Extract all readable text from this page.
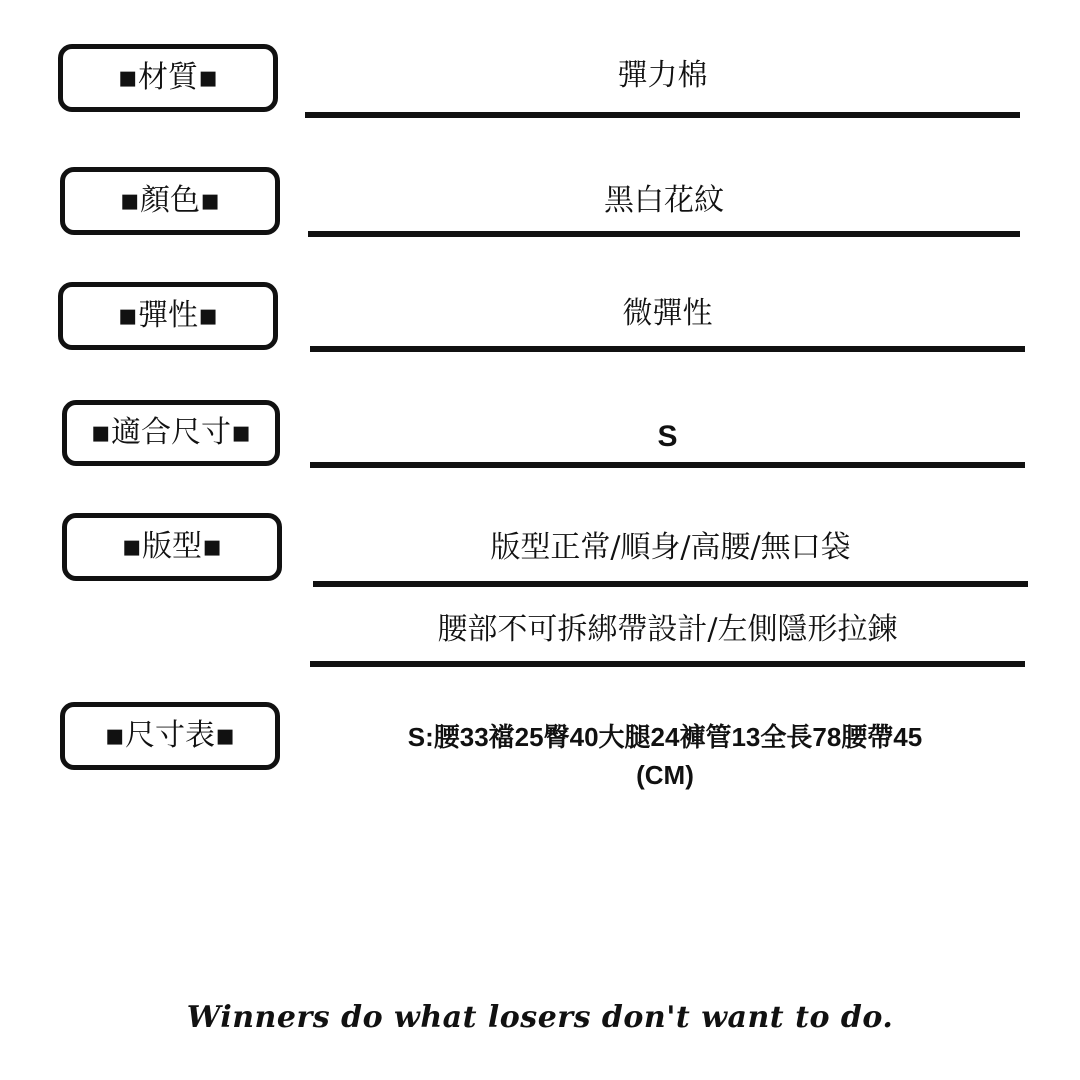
▪材質▪	彈力棉
▪顏色▪	黑白花紋
▪彈性▪	微彈性
▪適合尺寸▪	S
▪版型▪	版型正常/順身/高腰/無口袋
腰部不可拆綁帶設計/左側隱形拉鍊
▪尺寸表▪	S:腰33襠25臀40大腿24褲管13全長78腰帶45
(CM)
Winners do what losers don't want to do.
